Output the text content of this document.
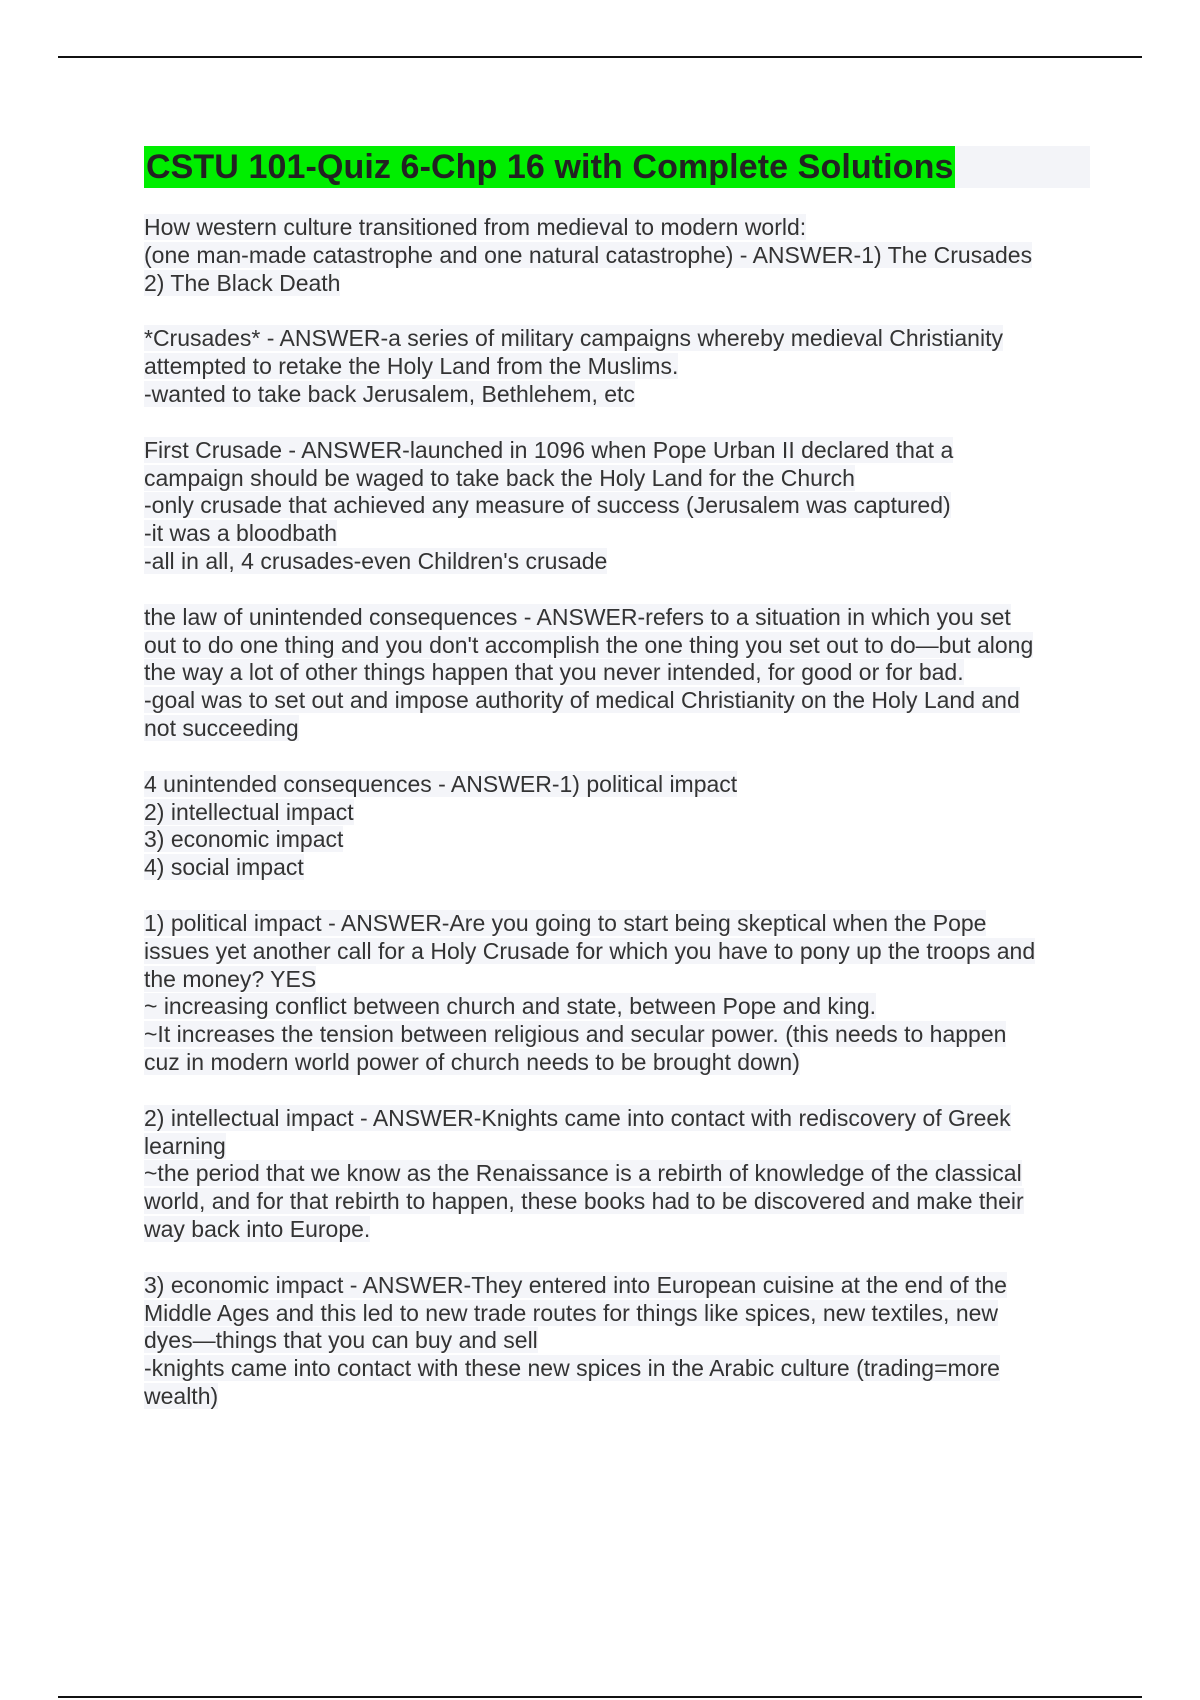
CSTU 101-Quiz 6-Chp 16 with Complete Solutions
How western culture transitioned from medieval to modern world:
(one man-made catastrophe and one natural catastrophe) - ANSWER-1) The Crusades
2) The Black Death
*Crusades* - ANSWER-a series of military campaigns whereby medieval Christianity
attempted to retake the Holy Land from the Muslims.
-wanted to take back Jerusalem, Bethlehem, etc
First Crusade - ANSWER-launched in 1096 when Pope Urban II declared that a
campaign should be waged to take back the Holy Land for the Church
-only crusade that achieved any measure of success (Jerusalem was captured)
-it was a bloodbath
-all in all, 4 crusades-even Children's crusade
the law of unintended consequences - ANSWER-refers to a situation in which you set
out to do one thing and you don't accomplish the one thing you set out to do—but along
the way a lot of other things happen that you never intended, for good or for bad.
-goal was to set out and impose authority of medical Christianity on the Holy Land and
not succeeding
4 unintended consequences - ANSWER-1) political impact
2) intellectual impact
3) economic impact
4) social impact
1) political impact - ANSWER-Are you going to start being skeptical when the Pope
issues yet another call for a Holy Crusade for which you have to pony up the troops and
the money? YES
~ increasing conflict between church and state, between Pope and king.
~It increases the tension between religious and secular power. (this needs to happen
cuz in modern world power of church needs to be brought down)
2) intellectual impact - ANSWER-Knights came into contact with rediscovery of Greek
learning
~the period that we know as the Renaissance is a rebirth of knowledge of the classical
world, and for that rebirth to happen, these books had to be discovered and make their
way back into Europe.
3) economic impact - ANSWER-They entered into European cuisine at the end of the
Middle Ages and this led to new trade routes for things like spices, new textiles, new
dyes—things that you can buy and sell
-knights came into contact with these new spices in the Arabic culture (trading=more
wealth)
